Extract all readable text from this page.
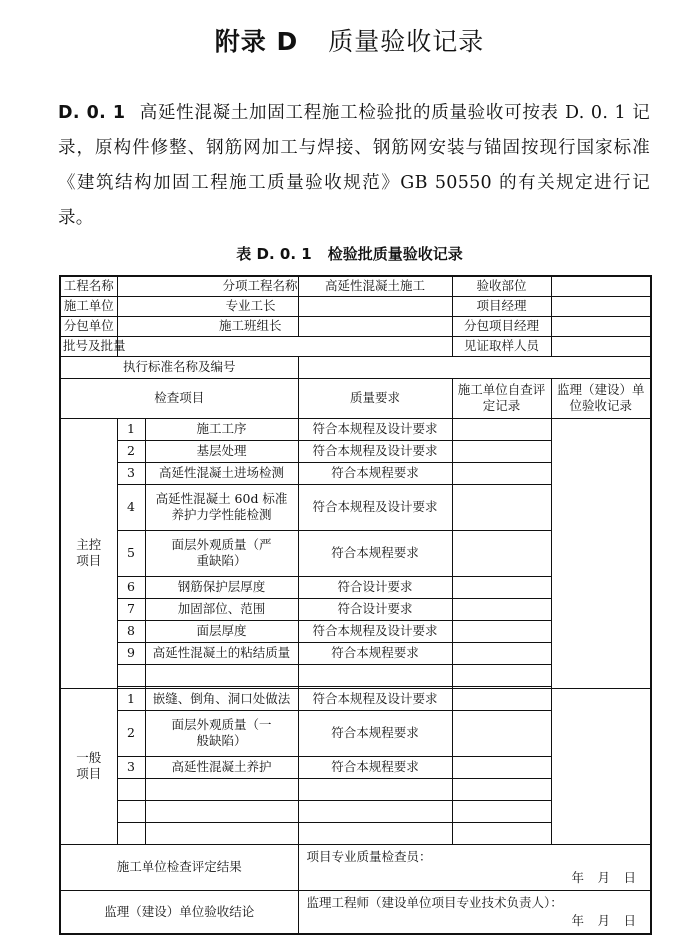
附录 D 质量验收记录
D. 0. 1 高延性混凝土加固工程施工检验批的质量验收可按表 D. 0. 1 记录，原构件修整、钢筋网加工与焊接、钢筋网安装与锚固按现行国家标准《建筑结构加固工程施工质量验收规范》GB 50550 的有关规定进行记录。
表 D. 0. 1 检验批质量验收记录
工程名称	分项工程名称		高延性混凝土施工	验收部位	
施工单位	专业工长			项目经理	
分包单位	施工班组长			分包项目经理	
批号及批量				见证取样人员	
执行标准名称及编号					
检查项目			质量要求	施工单位自查评定记录	监理（建设）单位验收记录
主控项目	1	施工工序	符合本规程及设计要求		
	2	基层处理	符合本规程及设计要求		
	3	高延性混凝土进场检测	符合本规程要求		
	4	高延性混凝土 60d 标准养护力学性能检测	符合本规程及设计要求		
	5	面层外观质量（严重缺陷）	符合本规程要求		
	6	钢筋保护层厚度	符合设计要求		
	7	加固部位、范围	符合设计要求		
	8	面层厚度	符合本规程及设计要求		
	9	高延性混凝土的粘结质量	符合本规程要求		

一般项目	1	嵌缝、倒角、洞口处做法	符合本规程及设计要求		
	2	面层外观质量（一般缺陷）	符合本规程要求		
	3	高延性混凝土养护	符合本规程要求		

施工单位检查评定结果			项目专业质量检查员：
年 月 日		

监理（建设）单位验收结论			监理工程师（建设单位项目专业技术负责人）：
年 月 日		
